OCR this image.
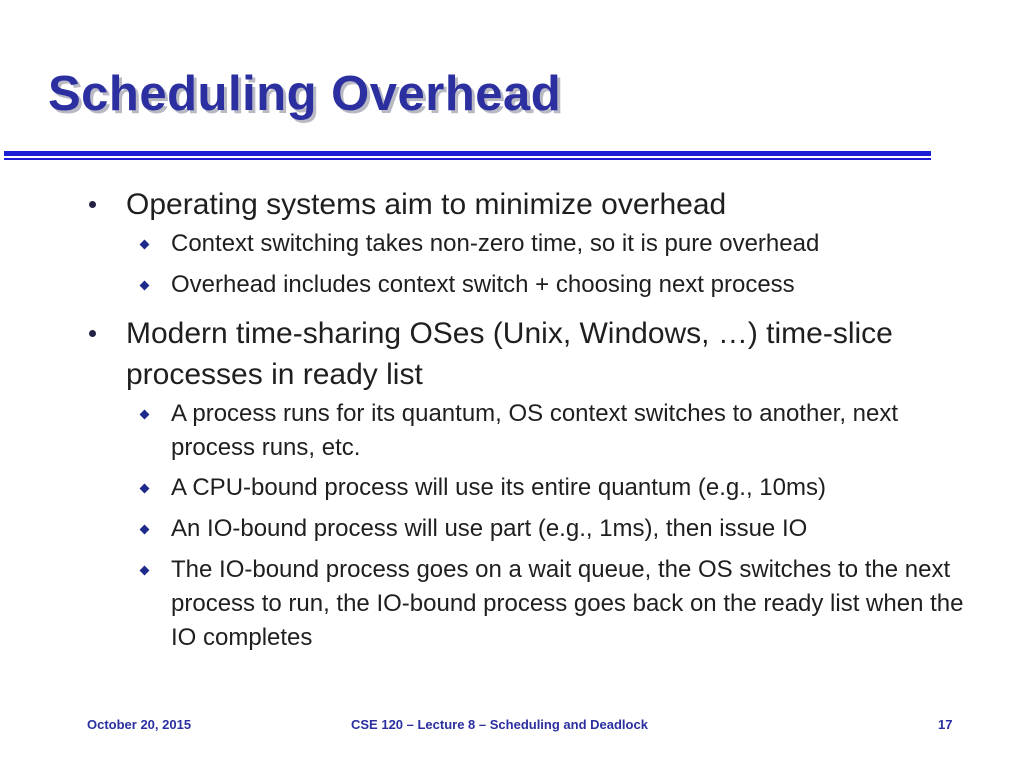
Scheduling Overhead
Operating systems aim to minimize overhead
Context switching takes non-zero time, so it is pure overhead
Overhead includes context switch + choosing next process
Modern time-sharing OSes (Unix, Windows, …) time-slice processes in ready list
A process runs for its quantum, OS context switches to another, next process runs, etc.
A CPU-bound process will use its entire quantum (e.g., 10ms)
An IO-bound process will use part (e.g., 1ms), then issue IO
The IO-bound process goes on a wait queue, the OS switches to the next process to run, the IO-bound process goes back on the ready list when the IO completes
October 20, 2015	CSE 120 – Lecture 8 – Scheduling and Deadlock	17
